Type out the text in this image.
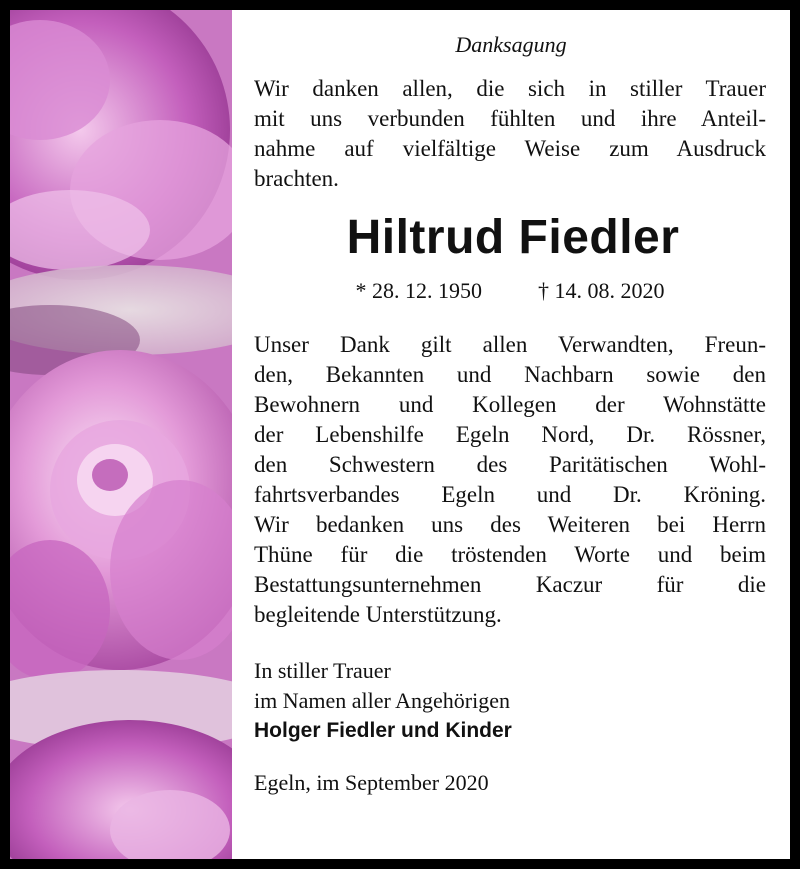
Danksagung
Wir danken allen, die sich in stiller Trauer
mit uns verbunden fühlten und ihre Anteil-
nahme auf vielfältige Weise zum Ausdruck
brachten.
Hiltrud Fiedler
* 28. 12. 1950	† 14. 08. 2020
Unser Dank gilt allen Verwandten, Freun-
den, Bekannten und Nachbarn sowie den
Bewohnern und Kollegen der Wohnstätte
der Lebenshilfe Egeln Nord, Dr. Rössner,
den Schwestern des Paritätischen Wohl-
fahrtsverbandes Egeln und Dr. Kröning.
Wir bedanken uns des Weiteren bei Herrn
Thüne für die tröstenden Worte und beim
Bestattungsunternehmen Kaczur für die
begleitende Unterstützung.
In stiller Trauer
im Namen aller Angehörigen
Holger Fiedler und Kinder
Egeln, im September 2020
